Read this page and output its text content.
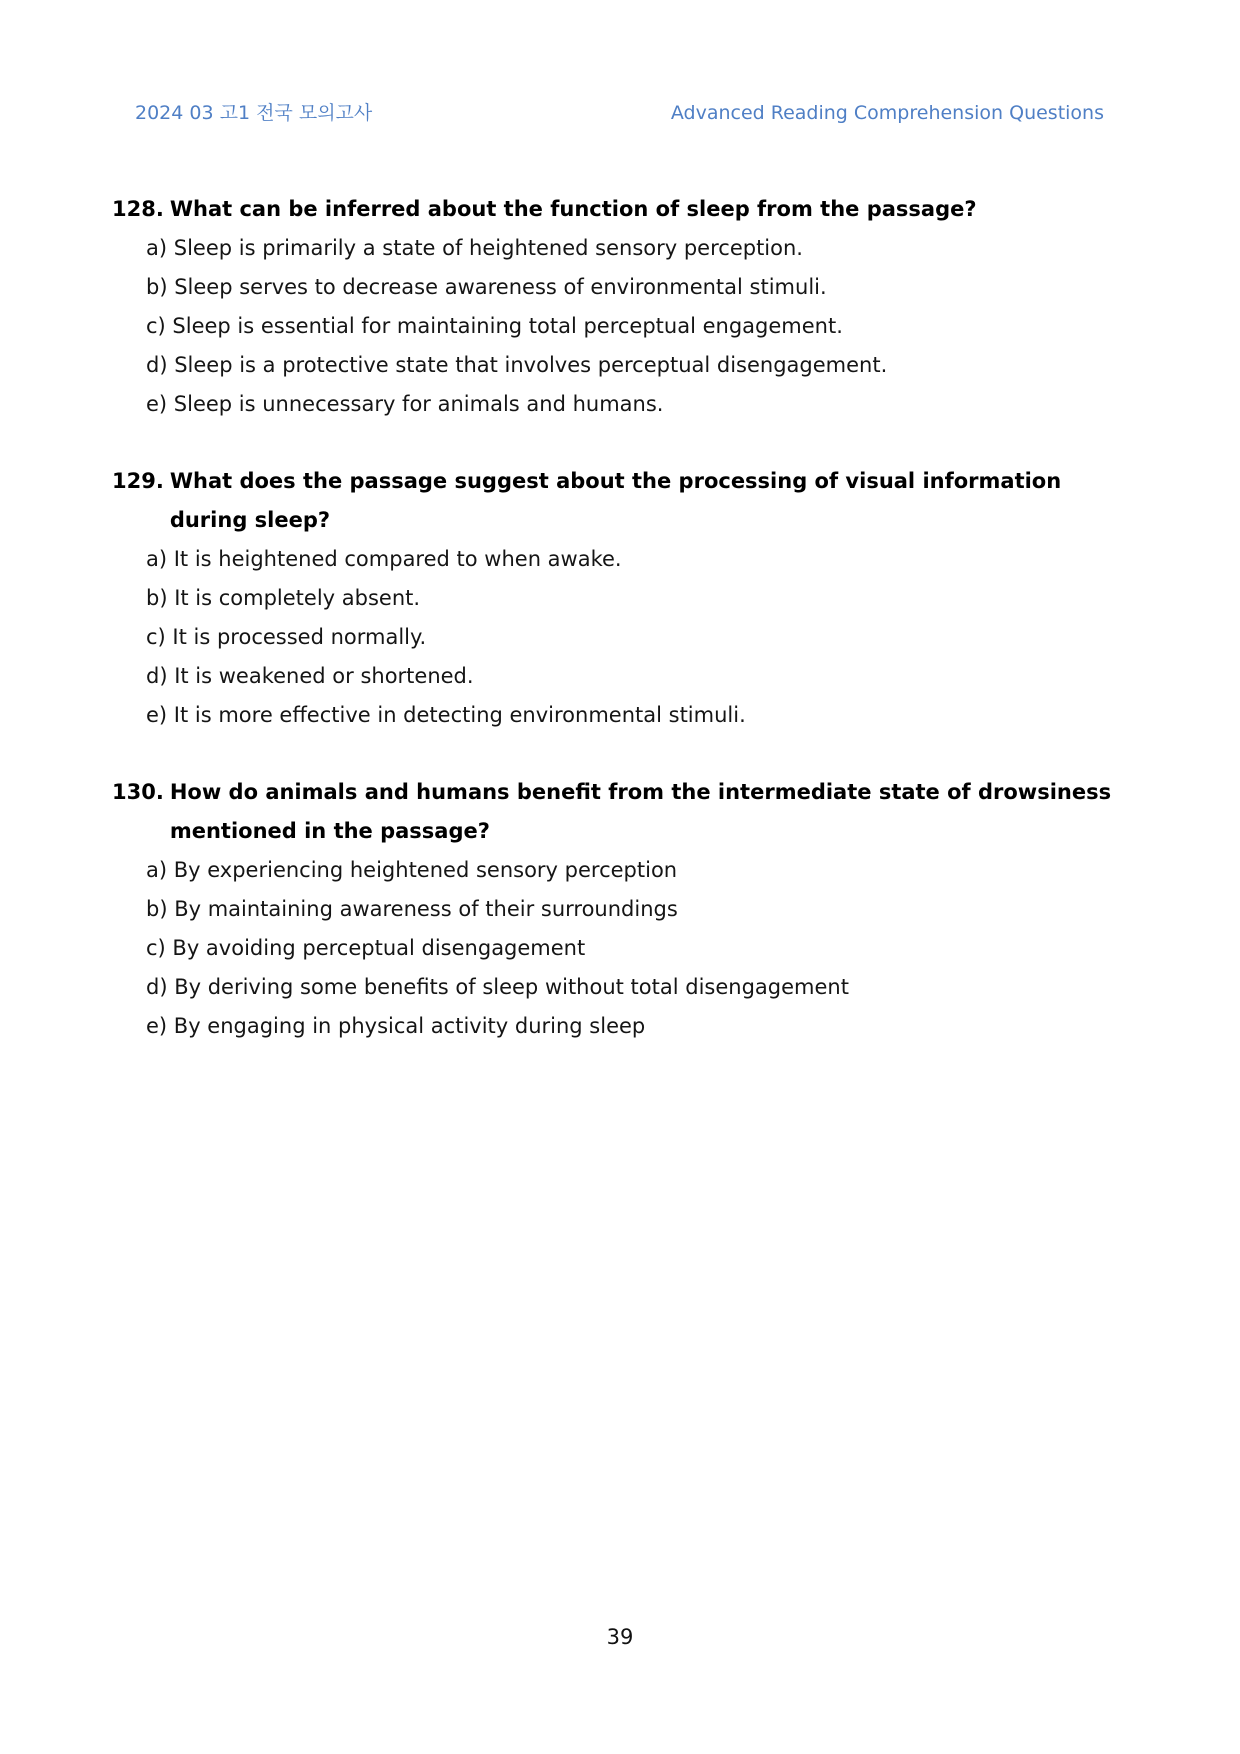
2024 03 고1 전국 모의고사	Advanced Reading Comprehension Questions
128. What can be inferred about the function of sleep from the passage?
a) Sleep is primarily a state of heightened sensory perception.
b) Sleep serves to decrease awareness of environmental stimuli.
c) Sleep is essential for maintaining total perceptual engagement.
d) Sleep is a protective state that involves perceptual disengagement.
e) Sleep is unnecessary for animals and humans.
129. What does the passage suggest about the processing of visual information during sleep?
a) It is heightened compared to when awake.
b) It is completely absent.
c) It is processed normally.
d) It is weakened or shortened.
e) It is more effective in detecting environmental stimuli.
130. How do animals and humans benefit from the intermediate state of drowsiness mentioned in the passage?
a) By experiencing heightened sensory perception
b) By maintaining awareness of their surroundings
c) By avoiding perceptual disengagement
d) By deriving some benefits of sleep without total disengagement
e) By engaging in physical activity during sleep
39
